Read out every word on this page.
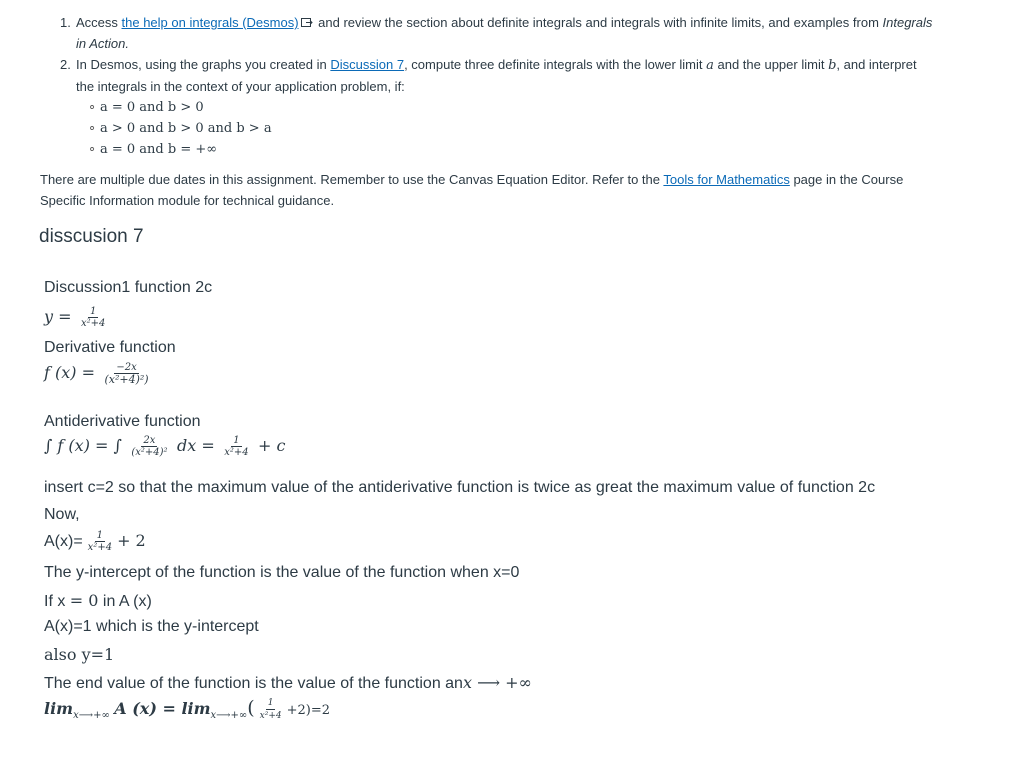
1. Access the help on integrals (Desmos) and review the section about definite integrals and integrals with infinite limits, and examples from Integrals
in Action.
2. In Desmos, using the graphs you created in Discussion 7, compute three definite integrals with the lower limit a and the upper limit b, and interpret
the integrals in the context of your application problem, if:
∘ a = 0 and b > 0
∘ a > 0 and b > 0 and b > a
∘ a = 0 and b = +∞
There are multiple due dates in this assignment. Remember to use the Canvas Equation Editor. Refer to the Tools for Mathematics page in the Course
Specific Information module for technical guidance.
disscusion 7
Discussion1 function 2c
$y = \frac{1}{\text{x²+4}}$
Derivative function
f $(x) = \frac{-2x}{\text{(x²+4)²)}}$
Antiderivative function
∫ f (x) = ∫ $\frac{2x}{\text{(x²+4)²}}$ dx = $\frac{1}{\text{x²+4}} + c$
insert c=2 so that the maximum value of the antiderivative function is twice as great the maximum value of function 2c
Now,
$A(x)= \frac{1}{\text{x²+4}} + 2$
The y-intercept of the function is the value of the function when x=0
If x = 0 in A (x)
A(x)=1 which is the y-intercept
also y=1
The end value of the function is the value of the function anx ⟶ +∞
$\lim_{x⟶+\infty} A$ $(x) = \lim_{x⟶+\infty}( \frac{1}{\text{x²+4}} +2)=2$
